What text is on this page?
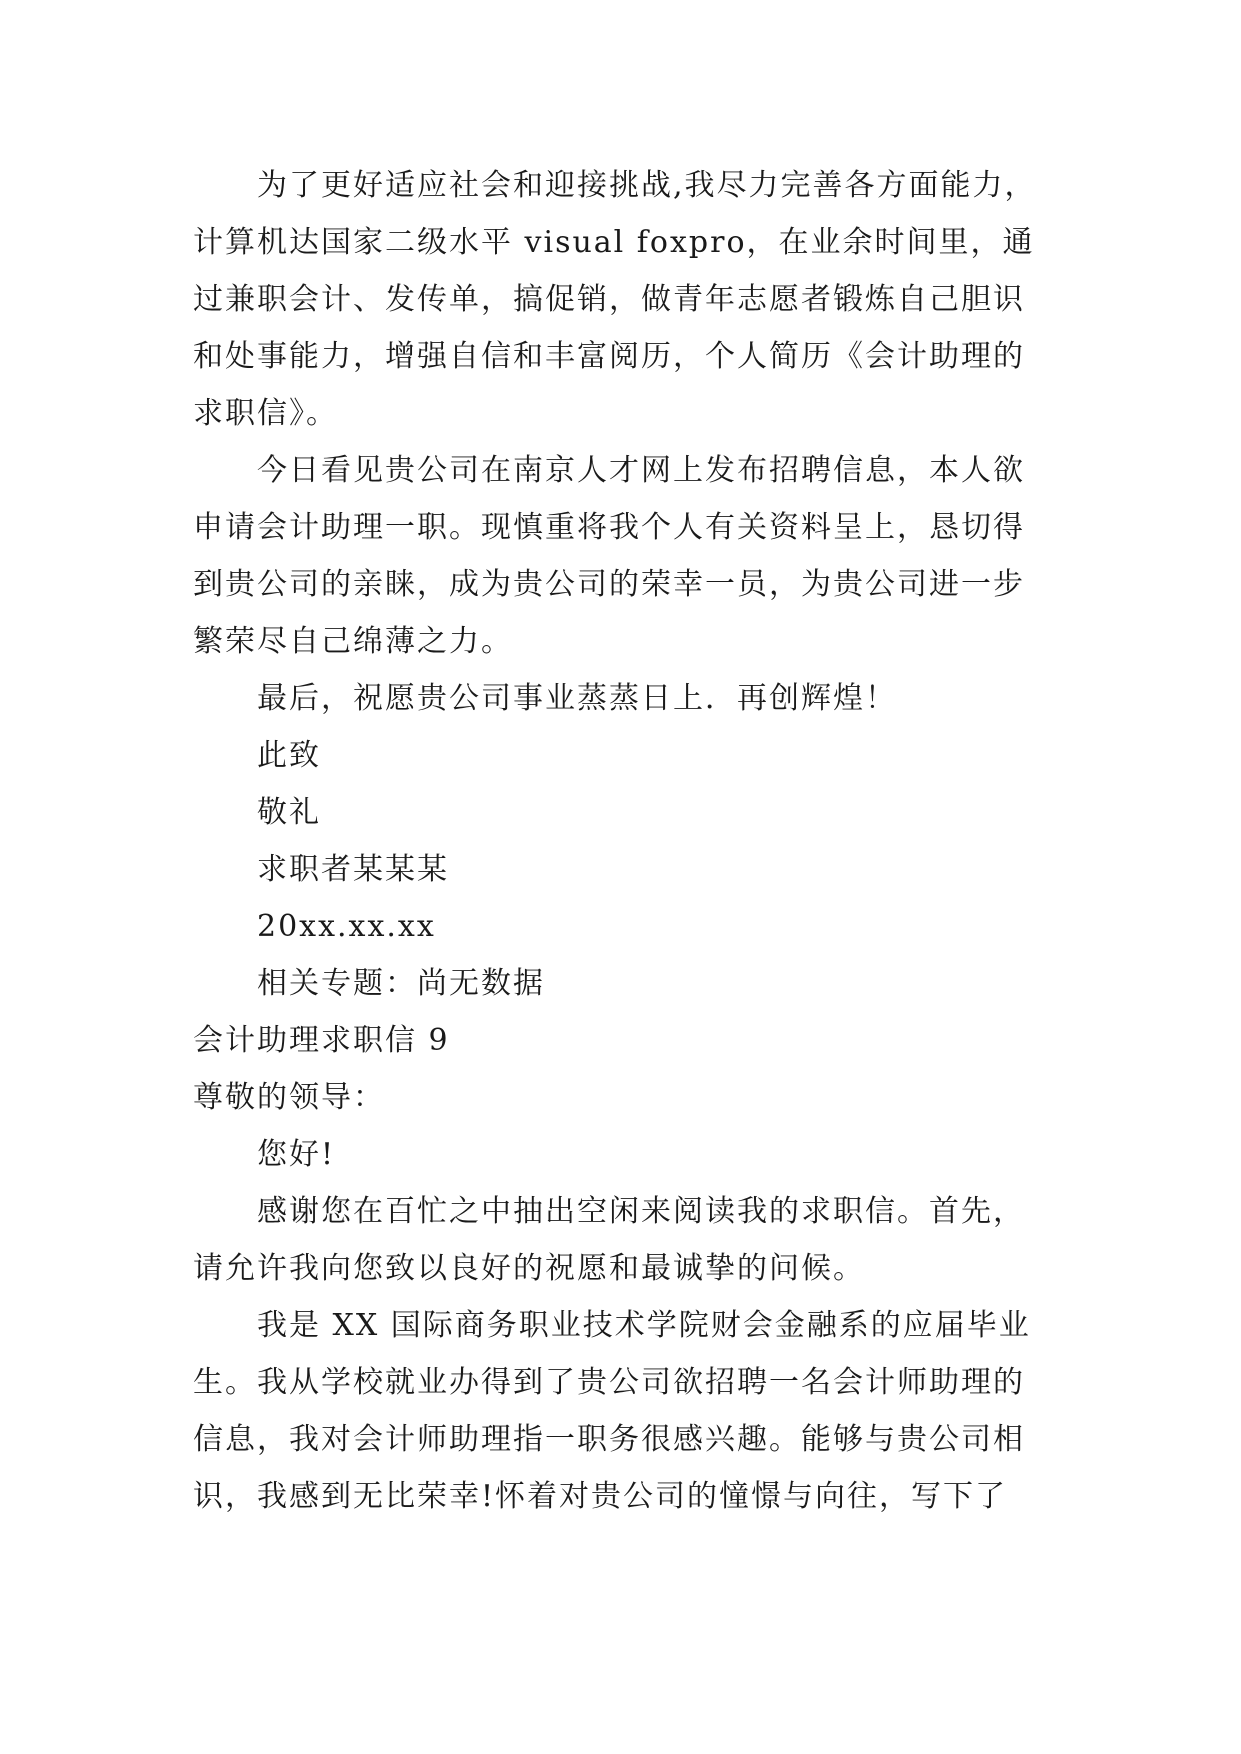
为了更好适应社会和迎接挑战,我尽力完善各方面能力，
计算机达国家二级水平 visual foxpro，在业余时间里，通
过兼职会计、发传单，搞促销，做青年志愿者锻炼自己胆识
和处事能力，增强自信和丰富阅历，个人简历《会计助理的
求职信》。
今日看见贵公司在南京人才网上发布招聘信息，本人欲
申请会计助理一职。现慎重将我个人有关资料呈上，恳切得
到贵公司的亲睐，成为贵公司的荣幸一员，为贵公司进一步
繁荣尽自己绵薄之力。
最后，祝愿贵公司事业蒸蒸日上．再创辉煌！
此致
敬礼
求职者某某某
20xx.xx.xx
相关专题：尚无数据
会计助理求职信 9
尊敬的领导：
您好!
感谢您在百忙之中抽出空闲来阅读我的求职信。首先，
请允许我向您致以良好的祝愿和最诚挚的问候。
我是 XX 国际商务职业技术学院财会金融系的应届毕业
生。我从学校就业办得到了贵公司欲招聘一名会计师助理的
信息，我对会计师助理指一职务很感兴趣。能够与贵公司相
识，我感到无比荣幸!怀着对贵公司的憧憬与向往，写下了
